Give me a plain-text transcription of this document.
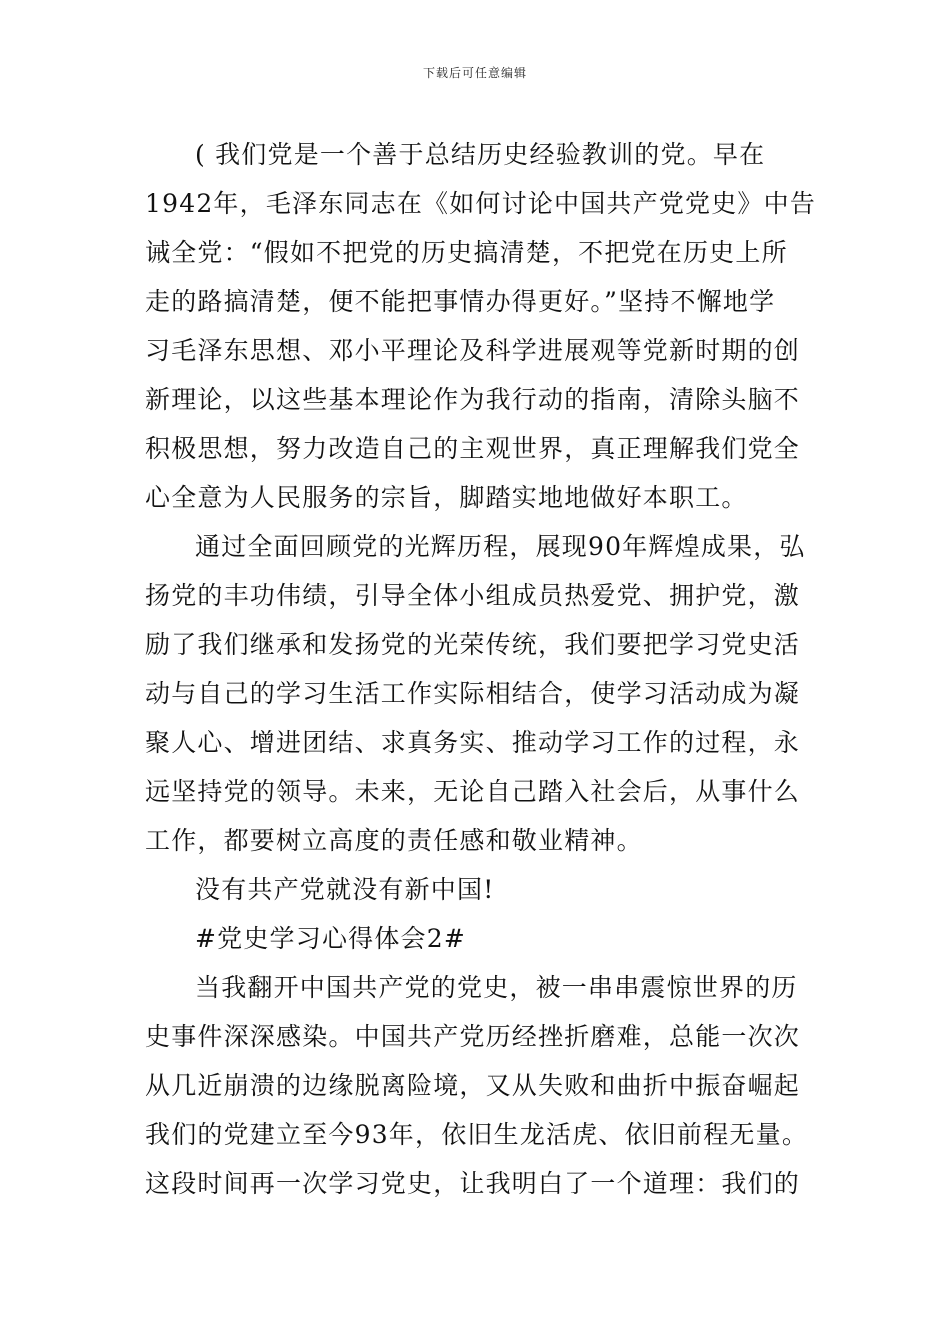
下载后可任意编辑
( 我们党是一个善于总结历史经验教训的党。早在
1942年，毛泽东同志在《如何讨论中国共产党党史》中告
诫全党：“假如不把党的历史搞清楚，不把党在历史上所
走的路搞清楚，便不能把事情办得更好。”坚持不懈地学
习毛泽东思想、邓小平理论及科学进展观等党新时期的创
新理论，以这些基本理论作为我行动的指南，清除头脑不
积极思想，努力改造自己的主观世界，真正理解我们党全
心全意为人民服务的宗旨，脚踏实地地做好本职工。
通过全面回顾党的光辉历程，展现90年辉煌成果，弘
扬党的丰功伟绩，引导全体小组成员热爱党、拥护党，激
励了我们继承和发扬党的光荣传统，我们要把学习党史活
动与自己的学习生活工作实际相结合，使学习活动成为凝
聚人心、增进团结、求真务实、推动学习工作的过程，永
远坚持党的领导。未来，无论自己踏入社会后，从事什么
工作，都要树立高度的责任感和敬业精神。
没有共产党就没有新中国!
#党史学习心得体会2#
当我翻开中国共产党的党史，被一串串震惊世界的历
史事件深深感染。中国共产党历经挫折磨难，总能一次次
从几近崩溃的边缘脱离险境，又从失败和曲折中振奋崛起
我们的党建立至今93年，依旧生龙活虎、依旧前程无量。
这段时间再一次学习党史，让我明白了一个道理：我们的
